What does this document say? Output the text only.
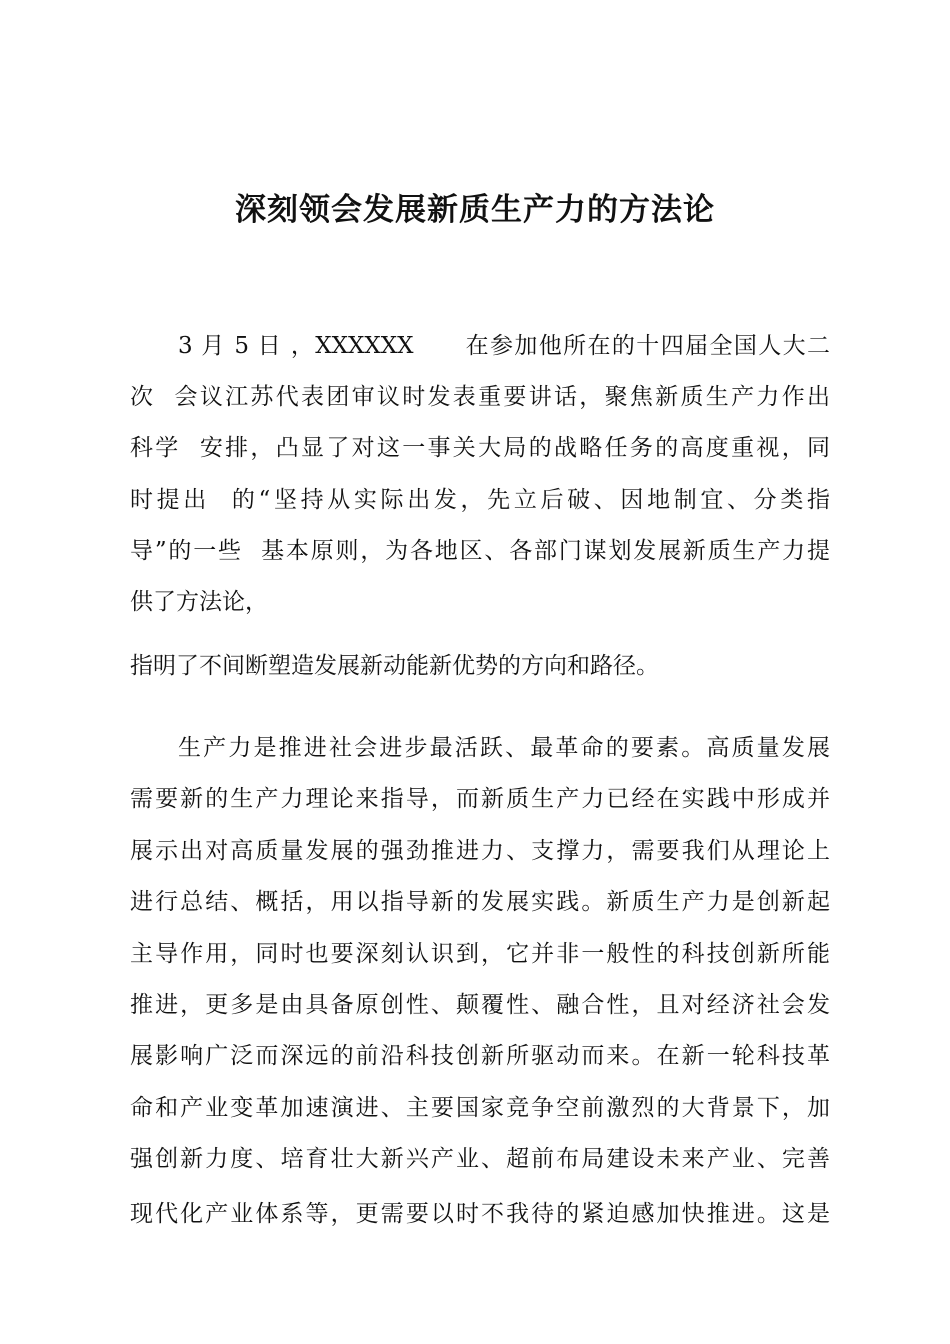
深刻领会发展新质生产力的方法论

3 月 5 日 ，XXXXXX      在参加他所在的十四届全国人大二

次  会议江苏代表团审议时发表重要讲话，聚焦新质生产力作出

科学  安排，凸显了对这一事关大局的战略任务的高度重视，同

时提出  的“坚持从实际出发，先立后破、因地制宜、分类指

导”的一些  基本原则，为各地区、各部门谋划发展新质生产力提

供了方法论，

指明了不间断塑造发展新动能新优势的方向和路径。

生产力是推进社会进步最活跃、最革命的要素。高质量发展

需要新的生产力理论来指导，而新质生产力已经在实践中形成并

展示出对高质量发展的强劲推进力、支撑力，需要我们从理论上

进行总结、概括，用以指导新的发展实践。新质生产力是创新起

主导作用，同时也要深刻认识到，它并非一般性的科技创新所能

推进，更多是由具备原创性、颠覆性、融合性，且对经济社会发

展影响广泛而深远的前沿科技创新所驱动而来。在新一轮科技革

命和产业变革加速演进、主要国家竞争空前激烈的大背景下，加

强创新力度、培育壮大新兴产业、超前布局建设未来产业、完善

现代化产业体系等，更需要以时不我待的紧迫感加快推进。这是
